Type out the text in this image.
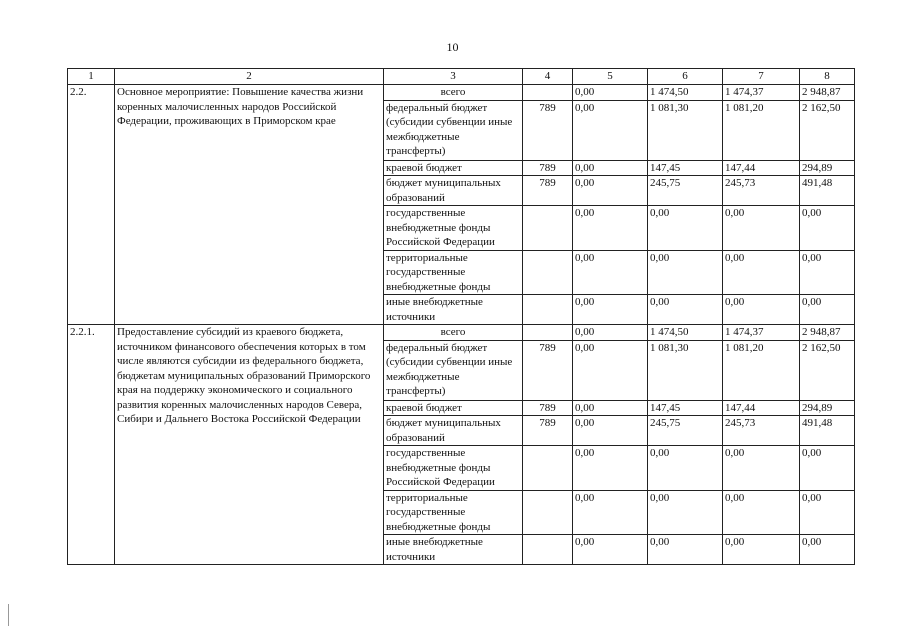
10
1	2	3	4	5	6	7	8
2.2.	Основное мероприятие: Повышение качества жизни коренных малочисленных народов Российской Федерации, проживающих в Приморском крае	всего		0,00	1 474,50	1 474,37	2 948,87
		федеральный бюджет (субсидии субвенции иные межбюджетные трансферты)	789	0,00	1 081,30	1 081,20	2 162,50
		краевой бюджет	789	0,00	147,45	147,44	294,89
		бюджет муниципальных образований	789	0,00	245,75	245,73	491,48
		государственные внебюджетные фонды Российской Федерации		0,00	0,00	0,00	0,00
		территориальные государственные внебюджетные фонды		0,00	0,00	0,00	0,00
		иные внебюджетные источники		0,00	0,00	0,00	0,00
2.2.1.	Предоставление субсидий из краевого бюджета, источником финансового обеспечения которых в том числе являются субсидии из федерального бюджета, бюджетам муниципальных образований Приморского края на поддержку экономического и социального развития коренных малочисленных народов Севера, Сибири и Дальнего Востока Российской Федерации	всего		0,00	1 474,50	1 474,37	2 948,87
		федеральный бюджет (субсидии субвенции иные межбюджетные трансферты)	789	0,00	1 081,30	1 081,20	2 162,50
		краевой бюджет	789	0,00	147,45	147,44	294,89
		бюджет муниципальных образований	789	0,00	245,75	245,73	491,48
		государственные внебюджетные фонды Российской Федерации		0,00	0,00	0,00	0,00
		территориальные государственные внебюджетные фонды		0,00	0,00	0,00	0,00
		иные внебюджетные источники		0,00	0,00	0,00	0,00
